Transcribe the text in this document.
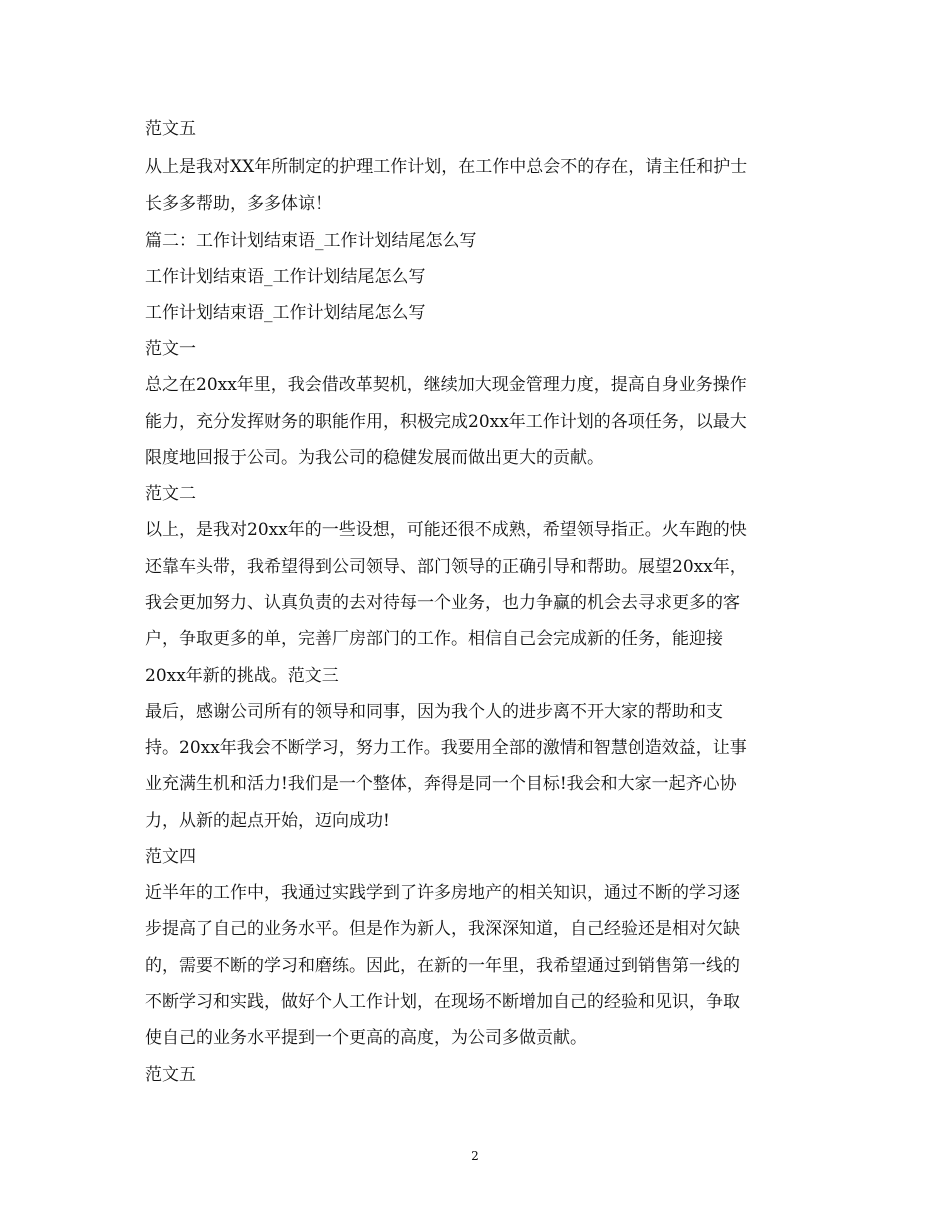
范文五
从上是我对XX年所制定的护理工作计划，在工作中总会不的存在，请主任和护士
长多多帮助，多多体谅！
篇二：工作计划结束语_工作计划结尾怎么写
工作计划结束语_工作计划结尾怎么写
工作计划结束语_工作计划结尾怎么写
范文一
总之在20xx年里，我会借改革契机，继续加大现金管理力度，提高自身业务操作
能力，充分发挥财务的职能作用，积极完成20xx年工作计划的各项任务，以最大
限度地回报于公司。为我公司的稳健发展而做出更大的贡献。
范文二
以上，是我对20xx年的一些设想，可能还很不成熟，希望领导指正。火车跑的快
还靠车头带，我希望得到公司领导、部门领导的正确引导和帮助。展望20xx年，
我会更加努力、认真负责的去对待每一个业务，也力争赢的机会去寻求更多的客
户，争取更多的单，完善厂房部门的工作。相信自己会完成新的任务，能迎接
20xx年新的挑战。范文三
最后，感谢公司所有的领导和同事，因为我个人的进步离不开大家的帮助和支
持。20xx年我会不断学习，努力工作。我要用全部的激情和智慧创造效益，让事
业充满生机和活力!我们是一个整体，奔得是同一个目标!我会和大家一起齐心协
力，从新的起点开始，迈向成功!
范文四
近半年的工作中，我通过实践学到了许多房地产的相关知识，通过不断的学习逐
步提高了自己的业务水平。但是作为新人，我深深知道，自己经验还是相对欠缺
的，需要不断的学习和磨练。因此，在新的一年里，我希望通过到销售第一线的
不断学习和实践，做好个人工作计划，在现场不断增加自己的经验和见识，争取
使自己的业务水平提到一个更高的高度，为公司多做贡献。
范文五
2
